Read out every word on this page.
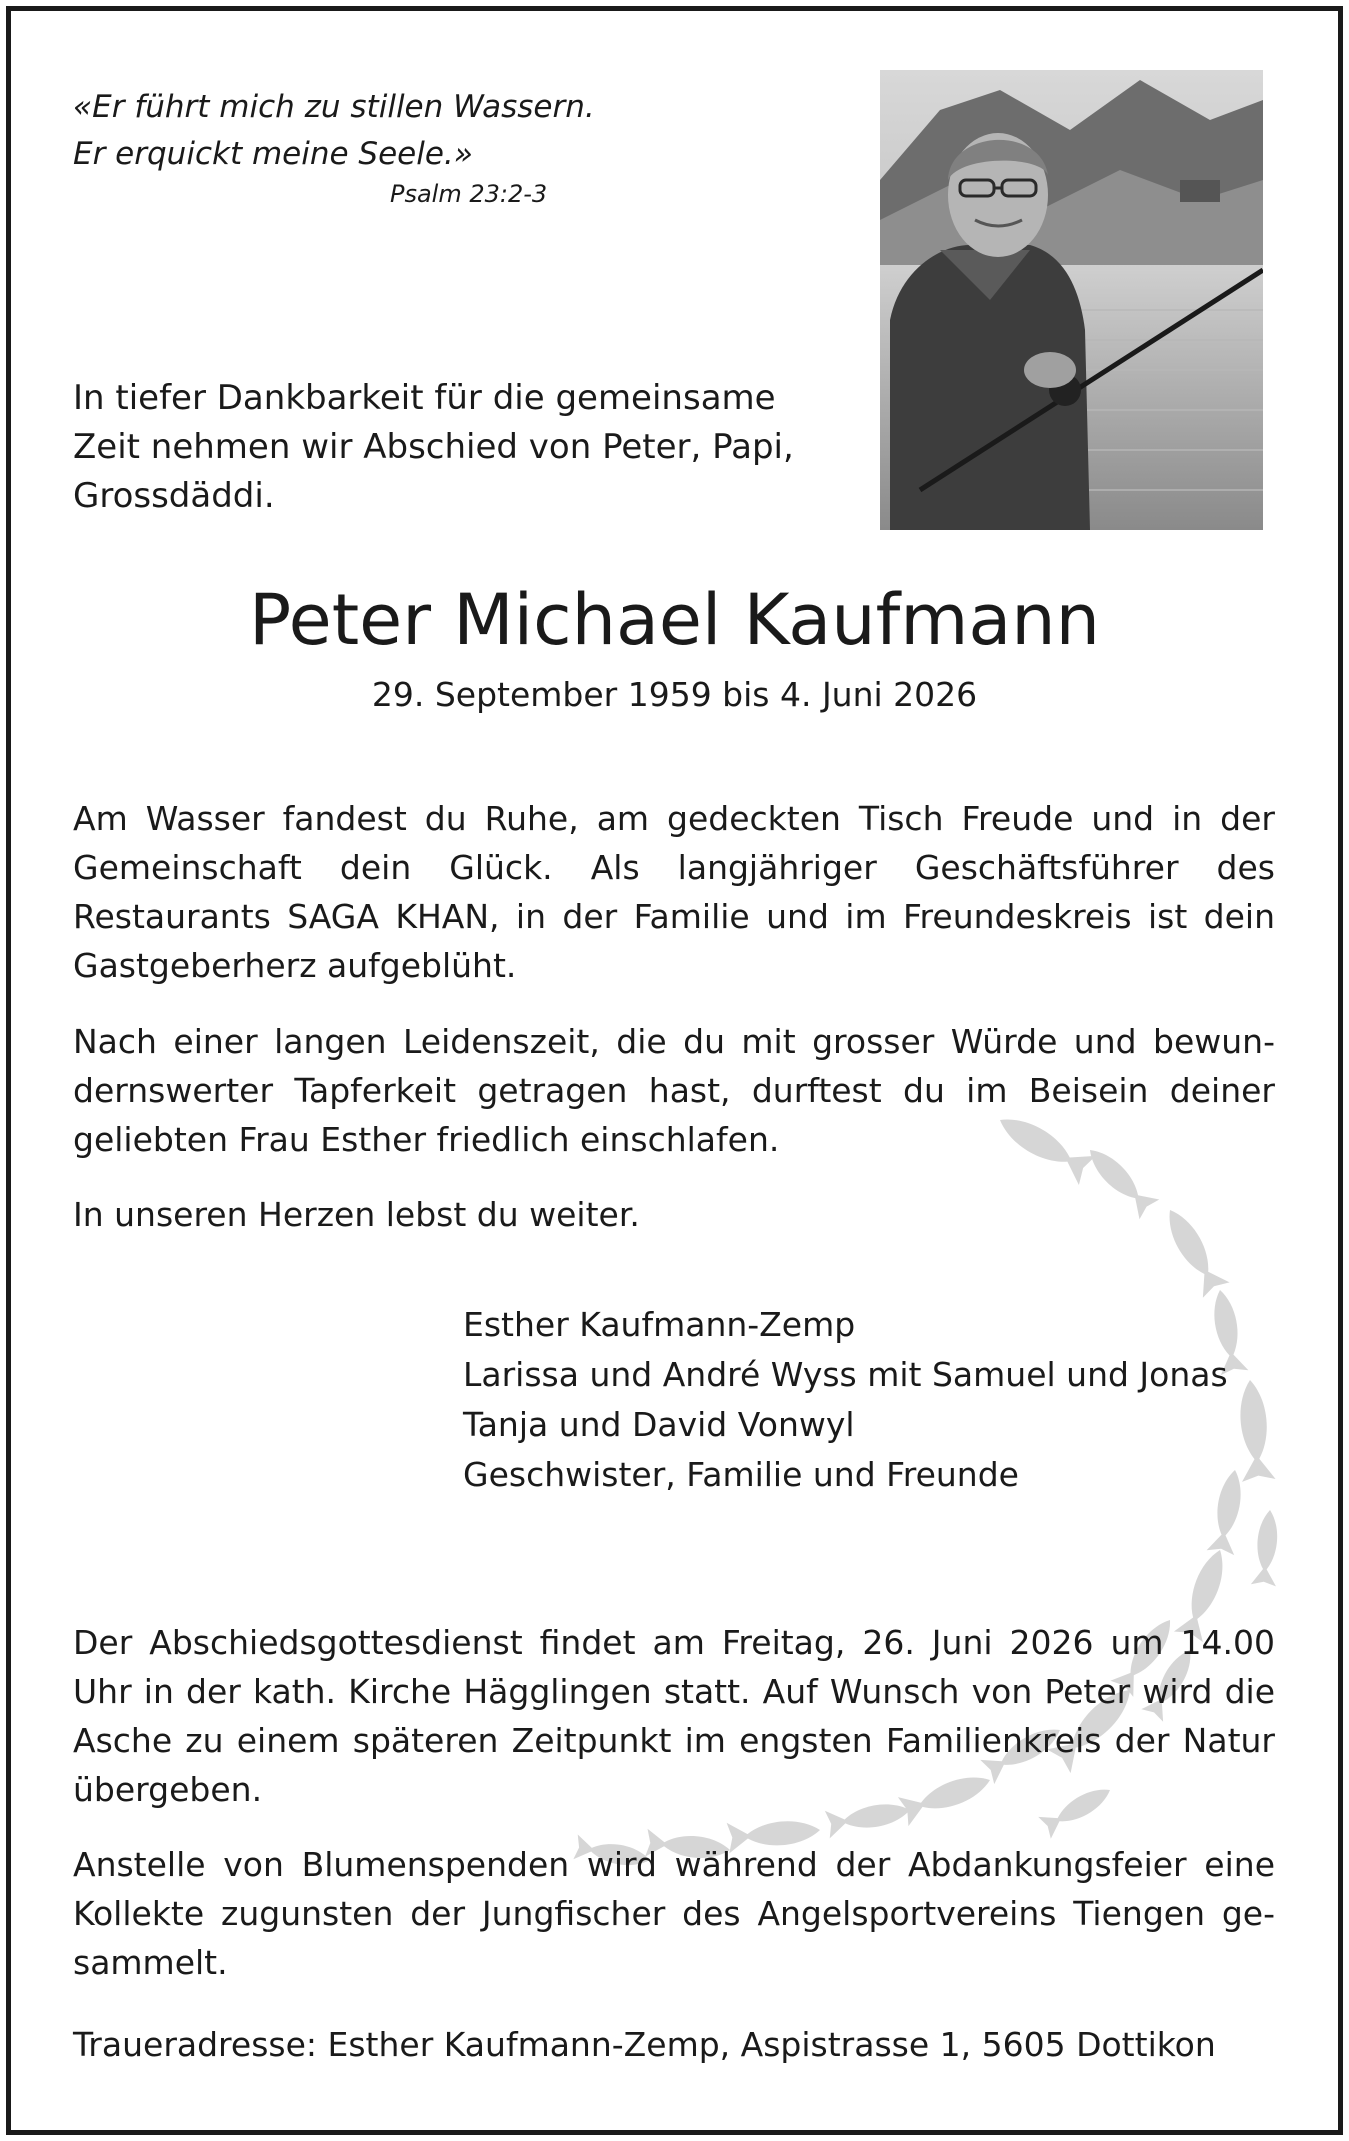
«Er führt mich zu stillen Wassern.
Er erquickt meine Seele.»
Psalm 23:2-3
In tiefer Dankbarkeit für die gemeinsame Zeit nehmen wir Abschied von Peter, Papi, Grossdäddi.
Peter Michael Kaufmann
29. September 1959 bis 4. Juni 2026
Am Wasser fandest du Ruhe, am gedeckten Tisch Freude und in der Gemeinschaft dein Glück. Als langjähriger Geschäftsführer des Restaurants SAGA KHAN, in der Familie und im Freundeskreis ist dein Gastgeberherz aufgeblüht.
Nach einer langen Leidenszeit, die du mit grosser Würde und bewundernswerter Tapferkeit getragen hast, durftest du im Beisein deiner geliebten Frau Esther friedlich einschlafen.
In unseren Herzen lebst du weiter.
Esther Kaufmann-Zemp
Larissa und André Wyss mit Samuel und Jonas
Tanja und David Vonwyl
Geschwister, Familie und Freunde
Der Abschiedsgottesdienst findet am Freitag, 26. Juni 2026 um 14.00 Uhr in der kath. Kirche Hägglingen statt. Auf Wunsch von Peter wird die Asche zu einem späteren Zeitpunkt im engsten Familienkreis der Natur übergeben.
Anstelle von Blumenspenden wird während der Abdankungsfeier eine Kollekte zugunsten der Jungfischer des Angelsportvereins Tiengen gesammelt.
Traueradresse: Esther Kaufmann-Zemp, Aspistrasse 1, 5605 Dottikon
